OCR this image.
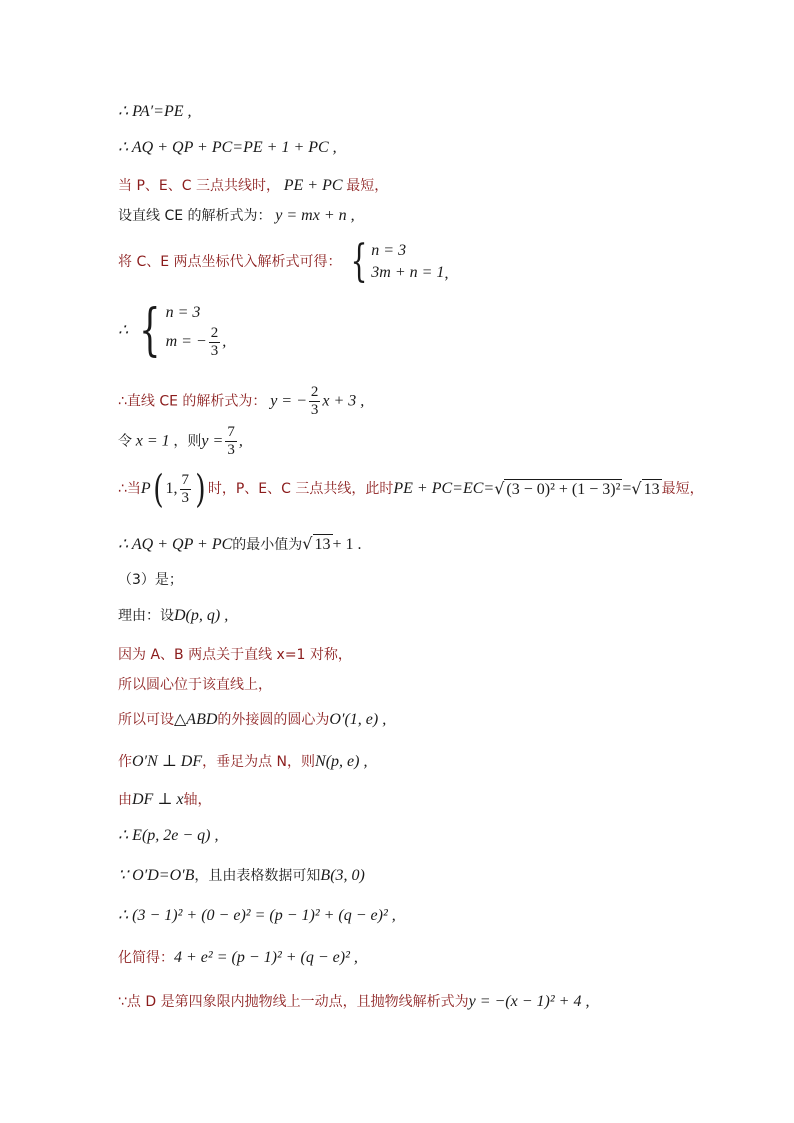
∴ PA′=PE ,
∴ AQ + QP + PC=PE + 1 + PC ,
当 P、E、C 三点共线时， PE + PC 最短，
设直线 CE 的解析式为： y = mx + n ,
将 C、E 两点坐标代入解析式可得： { n = 3
3m + n = 1 ,
∴ { n = 3
m = − $\frac{2}{3}$ ,
∴直线 CE 的解析式为： y = − $\frac{2}{3}$ x + 3 ,
令 x = 1 ，则$y = \frac{7}{3}$ ,
∴当P( 1, $\frac{7}{3}$ ) 时，P、E、C 三点共线，此时PE + PC=EC=√ (3 − 0)² + (1 − 3)² =√ 13 最短，
∴ AQ + QP + PC的最小值为√ 13 + 1 .
（3）是；
理由：设D(p, q) ,
因为 A、B 两点关于直线 x=1 对称，
所以圆心位于该直线上，
所以可设△ABD的外接圆的圆心为O′(1, e) ,
作O′N ⊥ DF，垂足为点 N，则N(p, e) ,
由DF ⊥ x轴，
∴ E(p, 2e − q) ,
∵ O′D=O′B，且由表格数据可知B(3, 0)
∴ (3 − 1)² + (0 − e)² = (p − 1)² + (q − e)² ,
化简得：4 + e² = (p − 1)² + (q − e)² ,
∵点 D 是第四象限内抛物线上一动点，且抛物线解析式为y = −(x − 1)² + 4 ,
